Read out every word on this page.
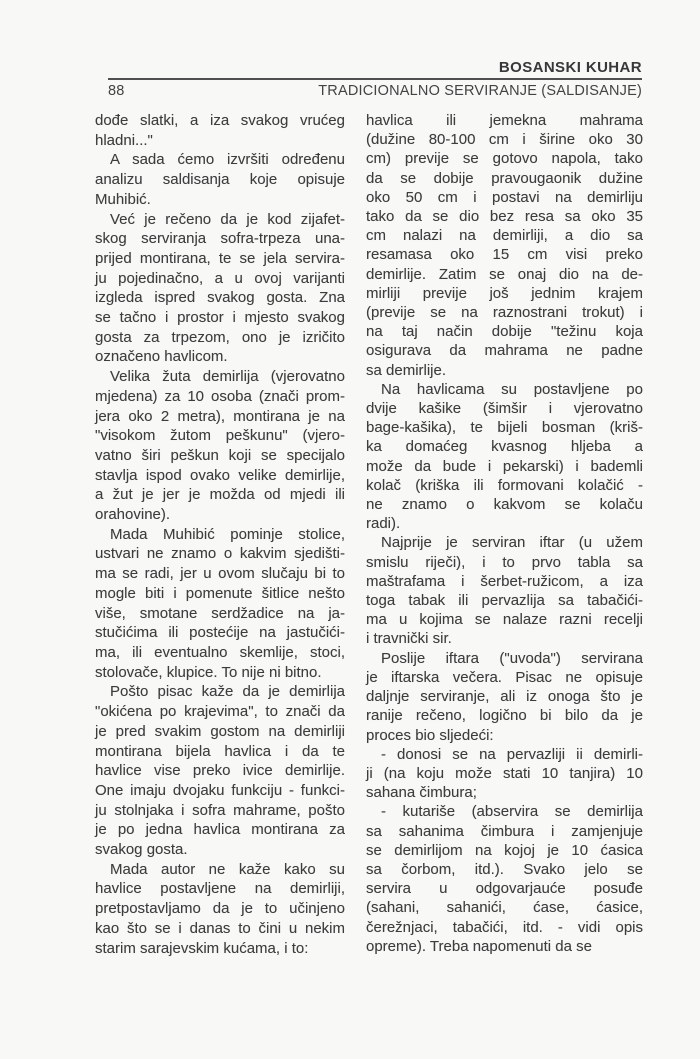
BOSANSKI KUHAR
88	TRADICIONALNO SERVIRANJE (SALDISANJE)
dođe slatki, a iza svakog vrućeg
hladni..."
A sada ćemo izvršiti određenu
analizu saldisanja koje opisuje
Muhibić.
Već je rečeno da je kod zijafet-
skog serviranja sofra-trpeza una-
prijed montirana, te se jela servira-
ju pojedinačno, a u ovoj varijanti
izgleda ispred svakog gosta. Zna
se tačno i prostor i mjesto svakog
gosta za trpezom, ono je izričito
označeno havlicom.
Velika žuta demirlija (vjerovatno
mjedena) za 10 osoba (znači prom-
jera oko 2 metra), montirana je na
"visokom žutom peškunu" (vjero-
vatno širi peškun koji se specijalo
stavlja ispod ovako velike demirlije,
a žut je jer je možda od mjedi ili
orahovine).
Mada Muhibić pominje stolice,
ustvari ne znamo o kakvim sjedišti-
ma se radi, jer u ovom slučaju bi to
mogle biti i pomenute šitlice nešto
više, smotane serdžadice na ja-
stučićima ili postećije na jastučići-
ma, ili eventualno skemlije, stoci,
stolovače, klupice. To nije ni bitno.
Pošto pisac kaže da je demirlija
"okićena po krajevima", to znači da
je pred svakim gostom na demirliji
montirana bijela havlica i da te
havlice vise preko ivice demirlije.
One imaju dvojaku funkciju - funkci-
ju stolnjaka i sofra mahrame, pošto
je po jedna havlica montirana za
svakog gosta.
Mada autor ne kaže kako su
havlice postavljene na demirliji,
pretpostavljamo da je to učinjeno
kao što se i danas to čini u nekim
starim sarajevskim kućama, i to:
havlica ili jemekna mahrama
(dužine 80-100 cm i širine oko 30
cm) previje se gotovo napola, tako
da se dobije pravougaonik dužine
oko 50 cm i postavi na demirliju
tako da se dio bez resa sa oko 35
cm nalazi na demirliji, a dio sa
resamasa oko 15 cm visi preko
demirlije. Zatim se onaj dio na de-
mirliji previje još jednim krajem
(previje se na raznostrani trokut) i
na taj način dobije "težinu koja
osigurava da mahrama ne padne
sa demirlije.
Na havlicama su postavljene po
dvije kašike (šimšir i vjerovatno
bage-kašika), te bijeli bosman (kriš-
ka domaćeg kvasnog hljeba a
može da bude i pekarski) i bademli
kolač (kriška ili formovani kolačić -
ne znamo o kakvom se kolaču
radi).
Najprije je serviran iftar (u užem
smislu riječi), i to prvo tabla sa
maštrafama i šerbet-ružicom, a iza
toga tabak ili pervazlija sa tabačići-
ma u kojima se nalaze razni recelji
i travnički sir.
Poslije iftara ("uvoda") servirana
je iftarska večera. Pisac ne opisuje
daljnje serviranje, ali iz onoga što je
ranije rečeno, logično bi bilo da je
proces bio sljedeći:
- donosi se na pervazliji ii demirli-
ji (na koju može stati 10 tanjira) 10
sahana čimbura;
- kutariše (abservira se demirlija
sa sahanima čimbura i zamjenjuje
se demirlijom na kojoj je 10 ćasica
sa čorbom, itd.). Svako jelo se
servira u odgovarjauće posuđe
(sahani, sahanići, ćase, ćasice,
čerežnjaci, tabačići, itd. - vidi opis
opreme). Treba napomenuti da se
